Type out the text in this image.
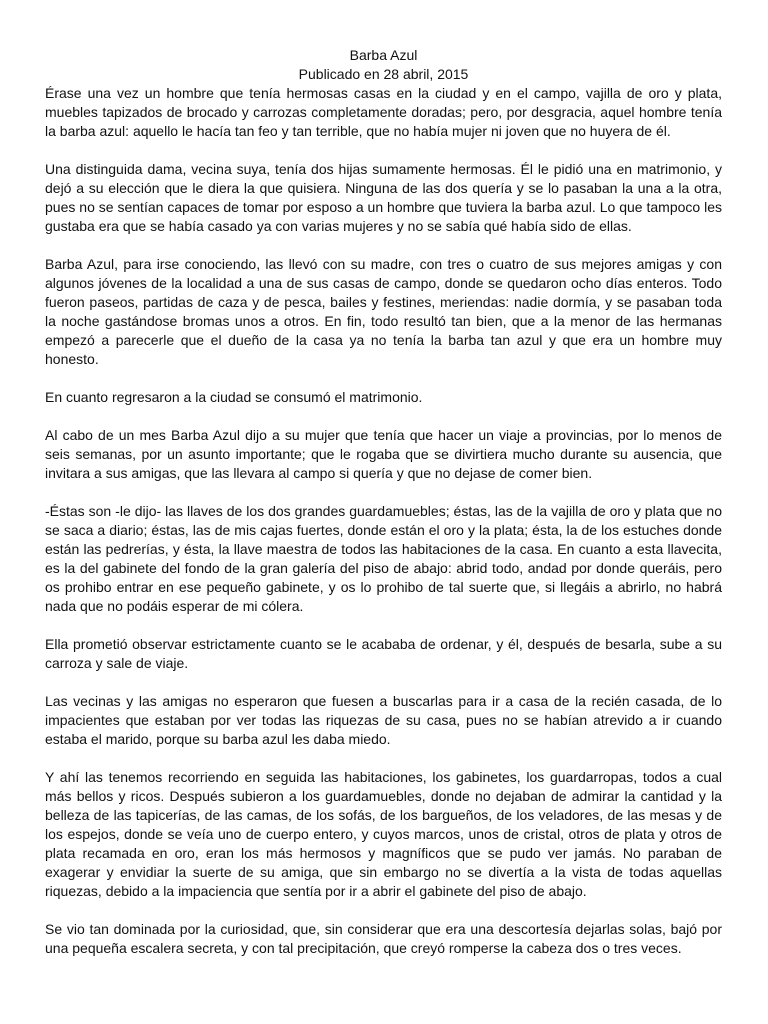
Barba Azul

Publicado en 28 abril, 2015

Érase una vez un hombre que tenía hermosas casas en la ciudad y en el campo, vajilla de oro y plata, muebles tapizados de brocado y carrozas completamente doradas; pero, por desgracia, aquel hombre tenía la barba azul: aquello le hacía tan feo y tan terrible, que no había mujer ni joven que no huyera de él.

Una distinguida dama, vecina suya, tenía dos hijas sumamente hermosas. Él le pidió una en matrimonio, y dejó a su elección que le diera la que quisiera. Ninguna de las dos quería y se lo pasaban la una a la otra, pues no se sentían capaces de tomar por esposo a un hombre que tuviera la barba azul. Lo que tampoco les gustaba era que se había casado ya con varias mujeres y no se sabía qué había sido de ellas.

Barba Azul, para irse conociendo, las llevó con su madre, con tres o cuatro de sus mejores amigas y con algunos jóvenes de la localidad a una de sus casas de campo, donde se quedaron ocho días enteros. Todo fueron paseos, partidas de caza y de pesca, bailes y festines, meriendas: nadie dormía, y se pasaban toda la noche gastándose bromas unos a otros. En fin, todo resultó tan bien, que a la menor de las hermanas empezó a parecerle que el dueño de la casa ya no tenía la barba tan azul y que era un hombre muy honesto.

En cuanto regresaron a la ciudad se consumó el matrimonio.

Al cabo de un mes Barba Azul dijo a su mujer que tenía que hacer un viaje a provincias, por lo menos de seis semanas, por un asunto importante; que le rogaba que se divirtiera mucho durante su ausencia, que invitara a sus amigas, que las llevara al campo si quería y que no dejase de comer bien.

-Éstas son -le dijo- las llaves de los dos grandes guardamuebles; éstas, las de la vajilla de oro y plata que no se saca a diario; éstas, las de mis cajas fuertes, donde están el oro y la plata; ésta, la de los estuches donde están las pedrerías, y ésta, la llave maestra de todos las habitaciones de la casa. En cuanto a esta llavecita, es la del gabinete del fondo de la gran galería del piso de abajo: abrid todo, andad por donde queráis, pero os prohibo entrar en ese pequeño gabinete, y os lo prohibo de tal suerte que, si llegáis a abrirlo, no habrá nada que no podáis esperar de mi cólera.

Ella prometió observar estrictamente cuanto se le acababa de ordenar, y él, después de besarla, sube a su carroza y sale de viaje.

Las vecinas y las amigas no esperaron que fuesen a buscarlas para ir a casa de la recién casada, de lo impacientes que estaban por ver todas las riquezas de su casa, pues no se habían atrevido a ir cuando estaba el marido, porque su barba azul les daba miedo.

Y ahí las tenemos recorriendo en seguida las habitaciones, los gabinetes, los guardarropas, todos a cual más bellos y ricos. Después subieron a los guardamuebles, donde no dejaban de admirar la cantidad y la belleza de las tapicerías, de las camas, de los sofás, de los bargueños, de los veladores, de las mesas y de los espejos, donde se veía uno de cuerpo entero, y cuyos marcos, unos de cristal, otros de plata y otros de plata recamada en oro, eran los más hermosos y magníficos que se pudo ver jamás. No paraban de exagerar y envidiar la suerte de su amiga, que sin embargo no se divertía a la vista de todas aquellas riquezas, debido a la impaciencia que sentía por ir a abrir el gabinete del piso de abajo.

Se vio tan dominada por la curiosidad, que, sin considerar que era una descortesía dejarlas solas, bajó por una pequeña escalera secreta, y con tal precipitación, que creyó romperse la cabeza dos o tres veces.
